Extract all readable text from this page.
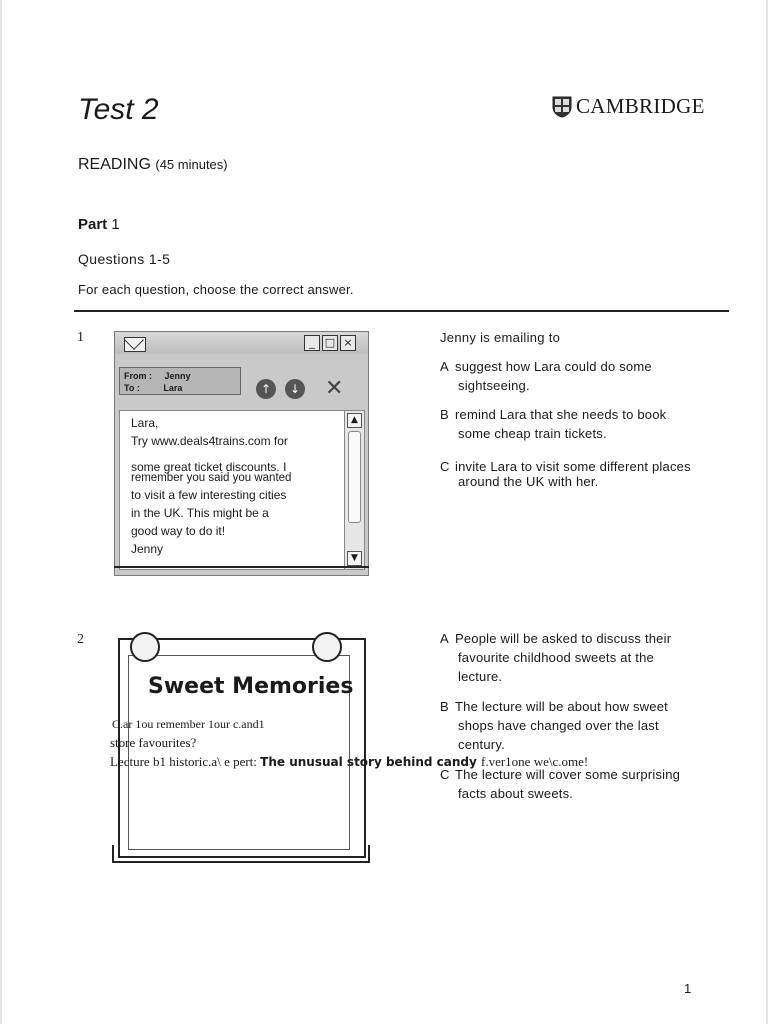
Test 2	CAMBRIDGE
READING (45 minutes)
Part 1
Questions 1-5
For each question, choose the correct answer.
1	_ □ ×
From : Jenny
To :	Lara	↑	↓ ✕
Lara,
Try www.deals4trains.com for
some great ticket discounts. I
remember you said you wanted
to visit a few interesting cities
in the UK. This might be a
good way to do it!
Jenny
▲
▼
Jenny is emailing to
A suggest how Lara could do some
sightseeing.
B remind Lara that she needs to book
some cheap train tickets.
C invite Lara to visit some different places
around the UK with her.
2
Sweet Memories
C.ar 1ou remember 1our c.and1
store favourites?
Lecture b1 historic.a\ e pert: The unusual story behind candy f.ver1one we\c.ome!
A People will be asked to discuss their
favourite childhood sweets at the
lecture.
B The lecture will be about how sweet
shops have changed over the last
century.
C The lecture will cover some surprising
facts about sweets.
1
